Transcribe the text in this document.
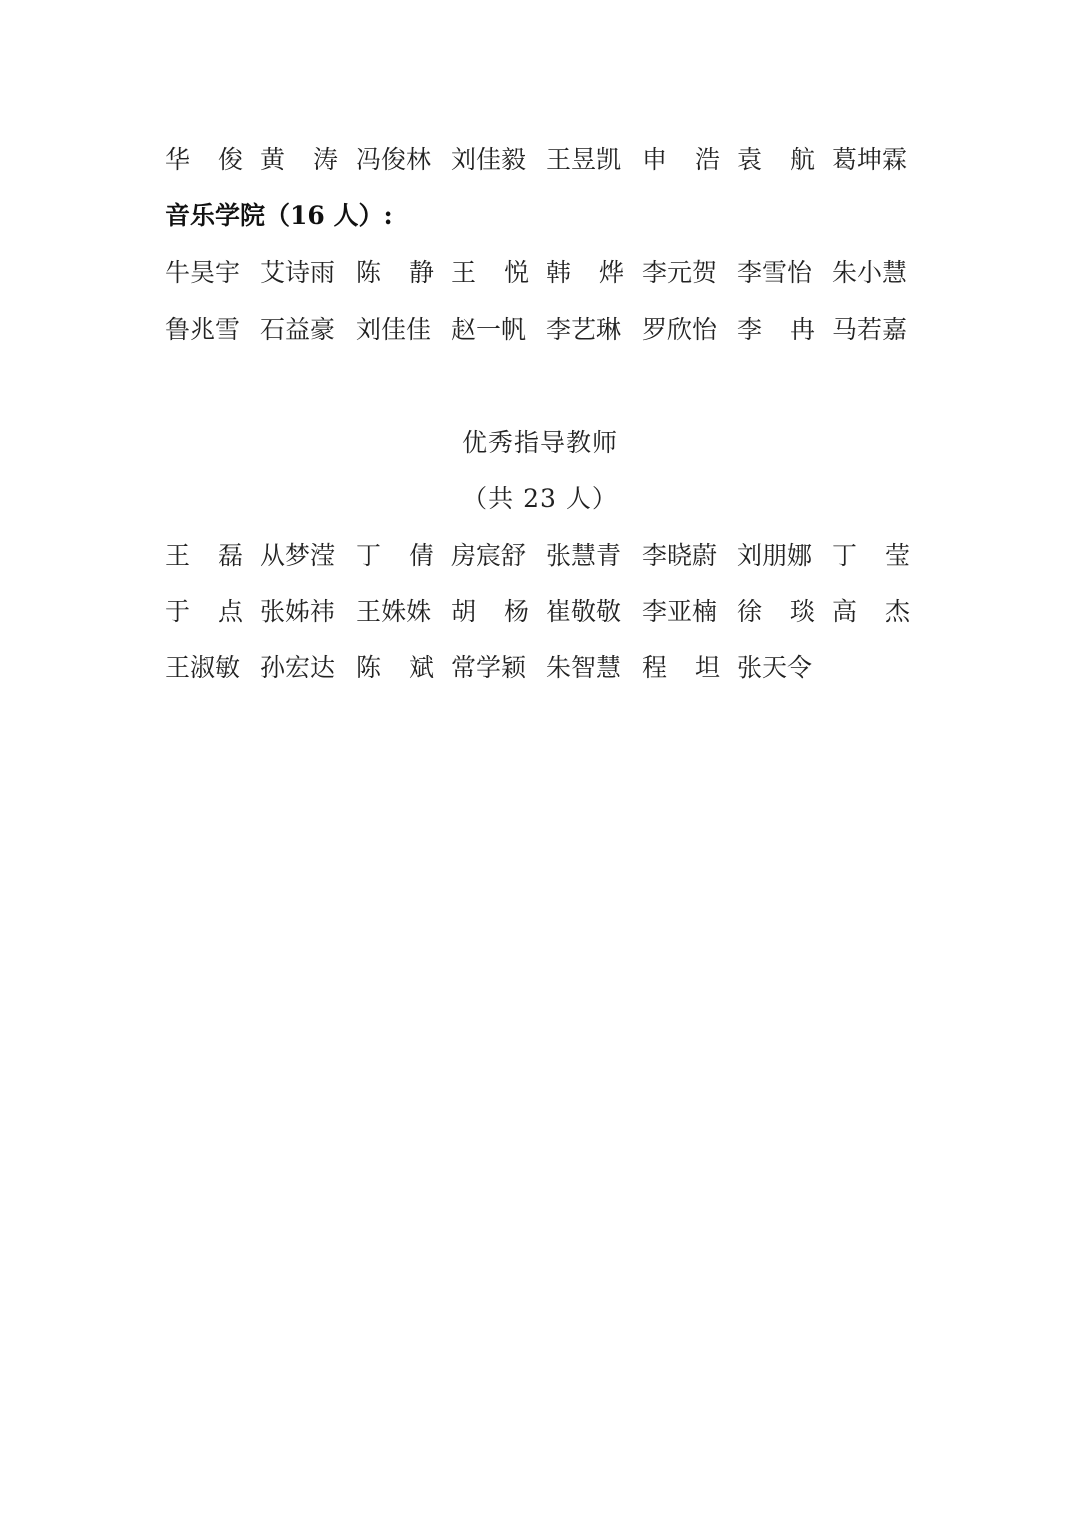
华 俊 黄 涛 冯俊林 刘佳毅 王昱凯 申 浩 袁 航 葛坤霖
音乐学院（16 人）:
牛昊宇 艾诗雨 陈 静 王 悦 韩 烨 李元贺 李雪怡 朱小慧
鲁兆雪 石益豪 刘佳佳 赵一帆 李艺琳 罗欣怡 李 冉 马若嘉
优秀指导教师
（共 23 人）
王 磊 从梦滢 丁 倩 房宸舒 张慧青 李晓蔚 刘朋娜 丁 莹
于 点 张姊祎 王姝姝 胡 杨 崔敬敬 李亚楠 徐 琰 高 杰
王淑敏 孙宏达 陈 斌 常学颖 朱智慧 程 坦 张天令
